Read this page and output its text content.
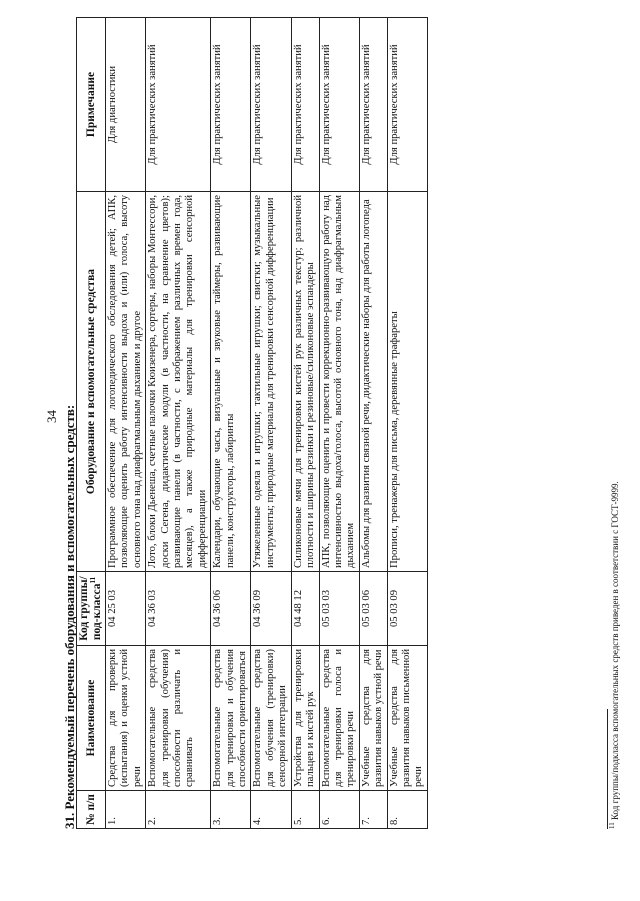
34 31. Рекомендуемый перечень оборудования и вспомогательных средств: № п/п	Наименование	Код группы/под-класса$^{11}$	Оборудование и вспомогательные средства	Примечание
1.	Средства для проверки (испытания) и оценки устной речи	04 25 03	Программное обеспечение для логопедического обследования детей; АПК, позволяющие оценить работу интенсивности выдоха и (или) голоса, высоту основного тона над диафрагмальным дыханием и другое	Для диагностики
2.	Вспомогательные средства для тренировки (обучения) способности различать и сравнивать	04 36 03	Лото, блоки Дьенеша, счетные палочки Кюизенера, сортеры, наборы Монтессори, доски Сегена, дидактические модули (в частности, на сравнение цветов); развивающие панели (в частности, с изображением различных времен года, месяцев), а также природные материалы для тренировки сенсорной дифференциации	Для практических занятий
3.	Вспомогательные средства для тренировки и обучения способности ориентироваться	04 36 06	Календари, обучающие часы, визуальные и звуковые таймеры, развивающие панели, конструкторы, лабиринты	Для практических занятий
4.	Вспомогательные средства для обучения (тренировки) сенсорной интеграции	04 36 09	Утяжеленные одеяла и игрушки; тактильные игрушки; свистки; музыкальные инструменты; природные материалы для тренировки сенсорной дифференциации	Для практических занятий
5.	Устройства для тренировки пальцев и кистей рук	04 48 12	Силиконовые мячи для тренировки кистей рук различных текстур; различной плотности и ширины резинки и резиновые/силиконовые эспандеры	Для практических занятий
6.	Вспомогательные средства для тренировки голоса и тренировки речи	05 03 03	АПК, позволяющие оценить и провести коррекционно-развивающую работу над интенсивностью выдоха/голоса, высотой основного тона, над диафрагмальным дыханием	Для практических занятий
7.	Учебные средства для развития навыков устной речи	05 03 06	Альбомы для развития связной речи, дидактические наборы для работы логопеда	Для практических занятий
8.	Учебные средства для развития навыков письменной речи	05 03 09	Прописи, тренажеры для письма, деревянные трафареты	Для практических занятий
$^{11}$ Код группы/подкласса вспомогательных средств приведен в соответствии с ГОСТ-9999.
